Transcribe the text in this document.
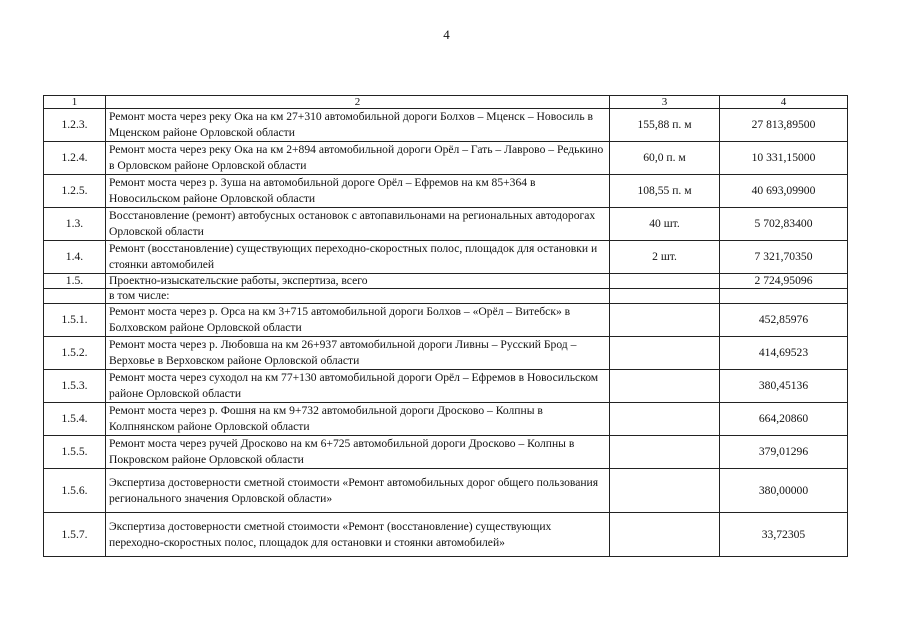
4
1	2	3	4
1.2.3.	Ремонт моста через реку Ока на км 27+310 автомобильной дороги Болхов – Мценск – Новосиль в Мценском районе Орловской области	155,88 п. м	27 813,89500
1.2.4.	Ремонт моста через реку Ока на км 2+894 автомобильной дороги Орёл – Гать – Лаврово – Редькино в Орловском районе Орловской области	60,0 п. м	10 331,15000
1.2.5.	Ремонт моста через р. Зуша на автомобильной дороге Орёл – Ефремов на км 85+364 в Новосильском районе Орловской области	108,55 п. м	40 693,09900
1.3.	Восстановление (ремонт) автобусных остановок с автопавильонами на региональных автодорогах Орловской области	40 шт.	5 702,83400
1.4.	Ремонт (восстановление) существующих переходно-скоростных полос, площадок для остановки и стоянки автомобилей	2 шт.	7 321,70350
1.5.	Проектно-изыскательские работы, экспертиза, всего		2 724,95096
	в том числе:		
1.5.1.	Ремонт моста через р. Орса на км 3+715 автомобильной дороги Болхов – «Орёл – Витебск» в Болховском районе Орловской области		452,85976
1.5.2.	Ремонт моста через р. Любовша на км 26+937 автомобильной дороги Ливны – Русский Брод – Верховье в Верховском районе Орловской области		414,69523
1.5.3.	Ремонт моста через суходол на км 77+130 автомобильной дороги Орёл – Ефремов в Новосильском районе Орловской области		380,45136
1.5.4.	Ремонт моста через р. Фошня на км 9+732 автомобильной дороги Дросково – Колпны в Колпнянском районе Орловской области		664,20860
1.5.5.	Ремонт моста через ручей Дросково на км 6+725 автомобильной дороги Дросково – Колпны в Покровском районе Орловской области		379,01296
1.5.6.	Экспертиза достоверности сметной стоимости «Ремонт автомобильных дорог общего пользования регионального значения Орловской области»		380,00000
1.5.7.	Экспертиза достоверности сметной стоимости «Ремонт (восстановление) существующих переходно-скоростных полос, площадок для остановки и стоянки автомобилей»		33,72305
